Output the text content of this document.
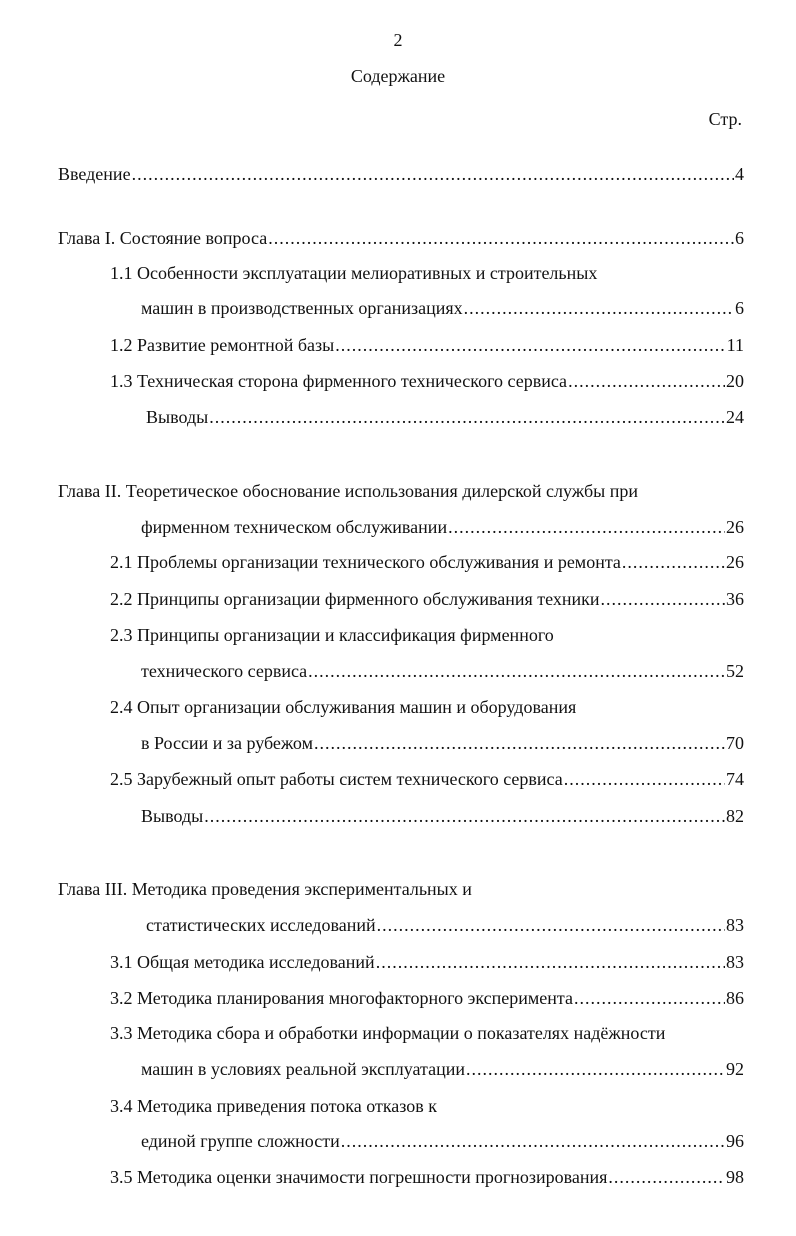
2
Содержание
Стр.
Введение .....	4
Глава I. Состояние вопроса .....	6
1.1 Особенности эксплуатации мелиоративных и строительных
машин в производственных организациях .....	6
1.2 Развитие ремонтной базы .....	11
1.3 Техническая сторона фирменного технического сервиса .....	20
Выводы .....	24
Глава II. Теоретическое обоснование использования дилерской службы при
фирменном техническом обслуживании .....	26
2.1 Проблемы организации технического обслуживания и ремонта .....	26
2.2 Принципы организации фирменного обслуживания техники .....	36
2.3 Принципы организации и классификация фирменного
технического сервиса .....	52
2.4 Опыт организации обслуживания машин и оборудования
в России и за рубежом .....	70
2.5 Зарубежный опыт работы систем технического сервиса .....	74
Выводы .....	82
Глава III. Методика проведения экспериментальных и
статистических исследований .....	83
3.1 Общая методика исследований .....	83
3.2 Методика планирования многофакторного эксперимента .....	86
3.3 Методика сбора и обработки информации о показателях надёжности
машин в условиях реальной эксплуатации .....	92
3.4 Методика приведения потока отказов к
единой группе сложности .....	96
3.5 Методика оценки значимости погрешности прогнозирования .....	98
